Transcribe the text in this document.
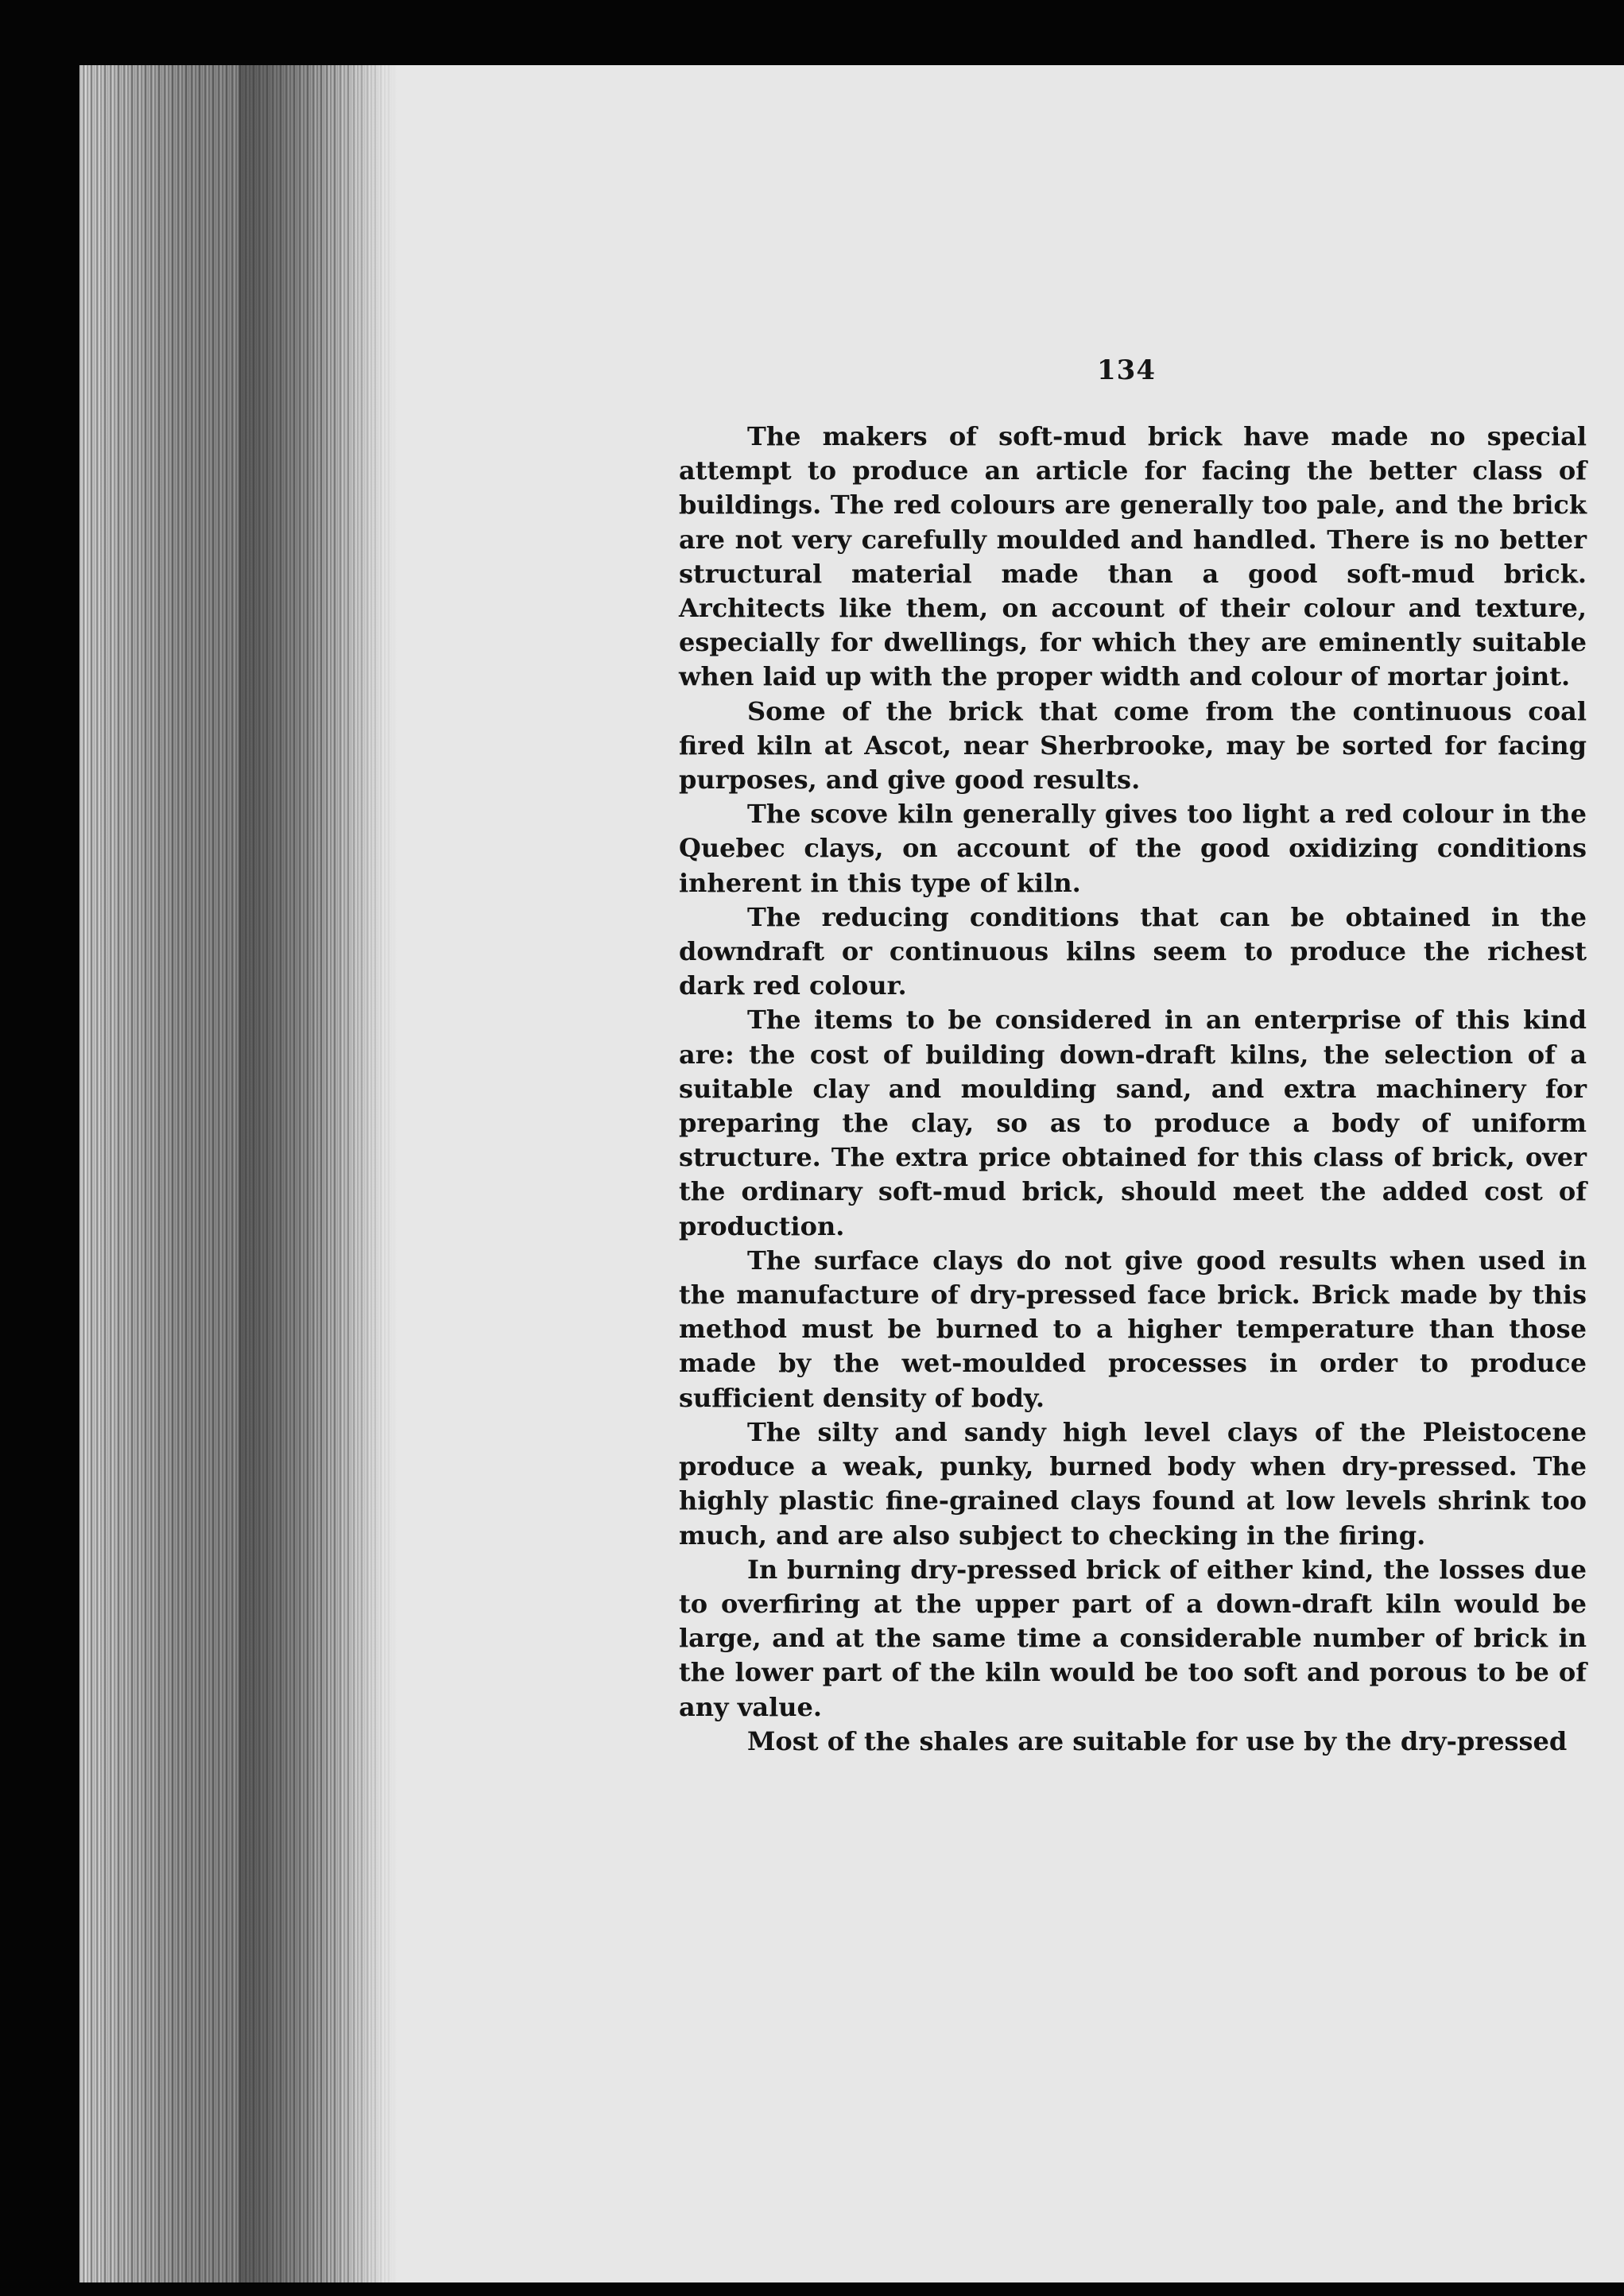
134

The makers of soft-mud brick have made no special attempt to produce an article for facing the better class of buildings. The red colours are generally too pale, and the brick are not very carefully moulded and handled. There is no better structural material made than a good soft-mud brick. Architects like them, on account of their colour and texture, especially for dwellings, for which they are eminently suitable when laid up with the proper width and colour of mortar joint.

Some of the brick that come from the continuous coal fired kiln at Ascot, near Sherbrooke, may be sorted for facing purposes, and give good results.

The scove kiln generally gives too light a red colour in the Quebec clays, on account of the good oxidizing conditions inherent in this type of kiln.

The reducing conditions that can be obtained in the downdraft or continuous kilns seem to produce the richest dark red colour.

The items to be considered in an enterprise of this kind are: the cost of building down-draft kilns, the selection of a suitable clay and moulding sand, and extra machinery for preparing the clay, so as to produce a body of uniform structure. The extra price obtained for this class of brick, over the ordinary soft-mud brick, should meet the added cost of production.

The surface clays do not give good results when used in the manufacture of dry-pressed face brick. Brick made by this method must be burned to a higher temperature than those made by the wet-moulded processes in order to produce sufficient density of body.

The silty and sandy high level clays of the Pleistocene produce a weak, punky, burned body when dry-pressed. The highly plastic fine-grained clays found at low levels shrink too much, and are also subject to checking in the firing.

In burning dry-pressed brick of either kind, the losses due to overfiring at the upper part of a down-draft kiln would be large, and at the same time a considerable number of brick in the lower part of the kiln would be too soft and porous to be of any value.

Most of the shales are suitable for use by the dry-pressed
